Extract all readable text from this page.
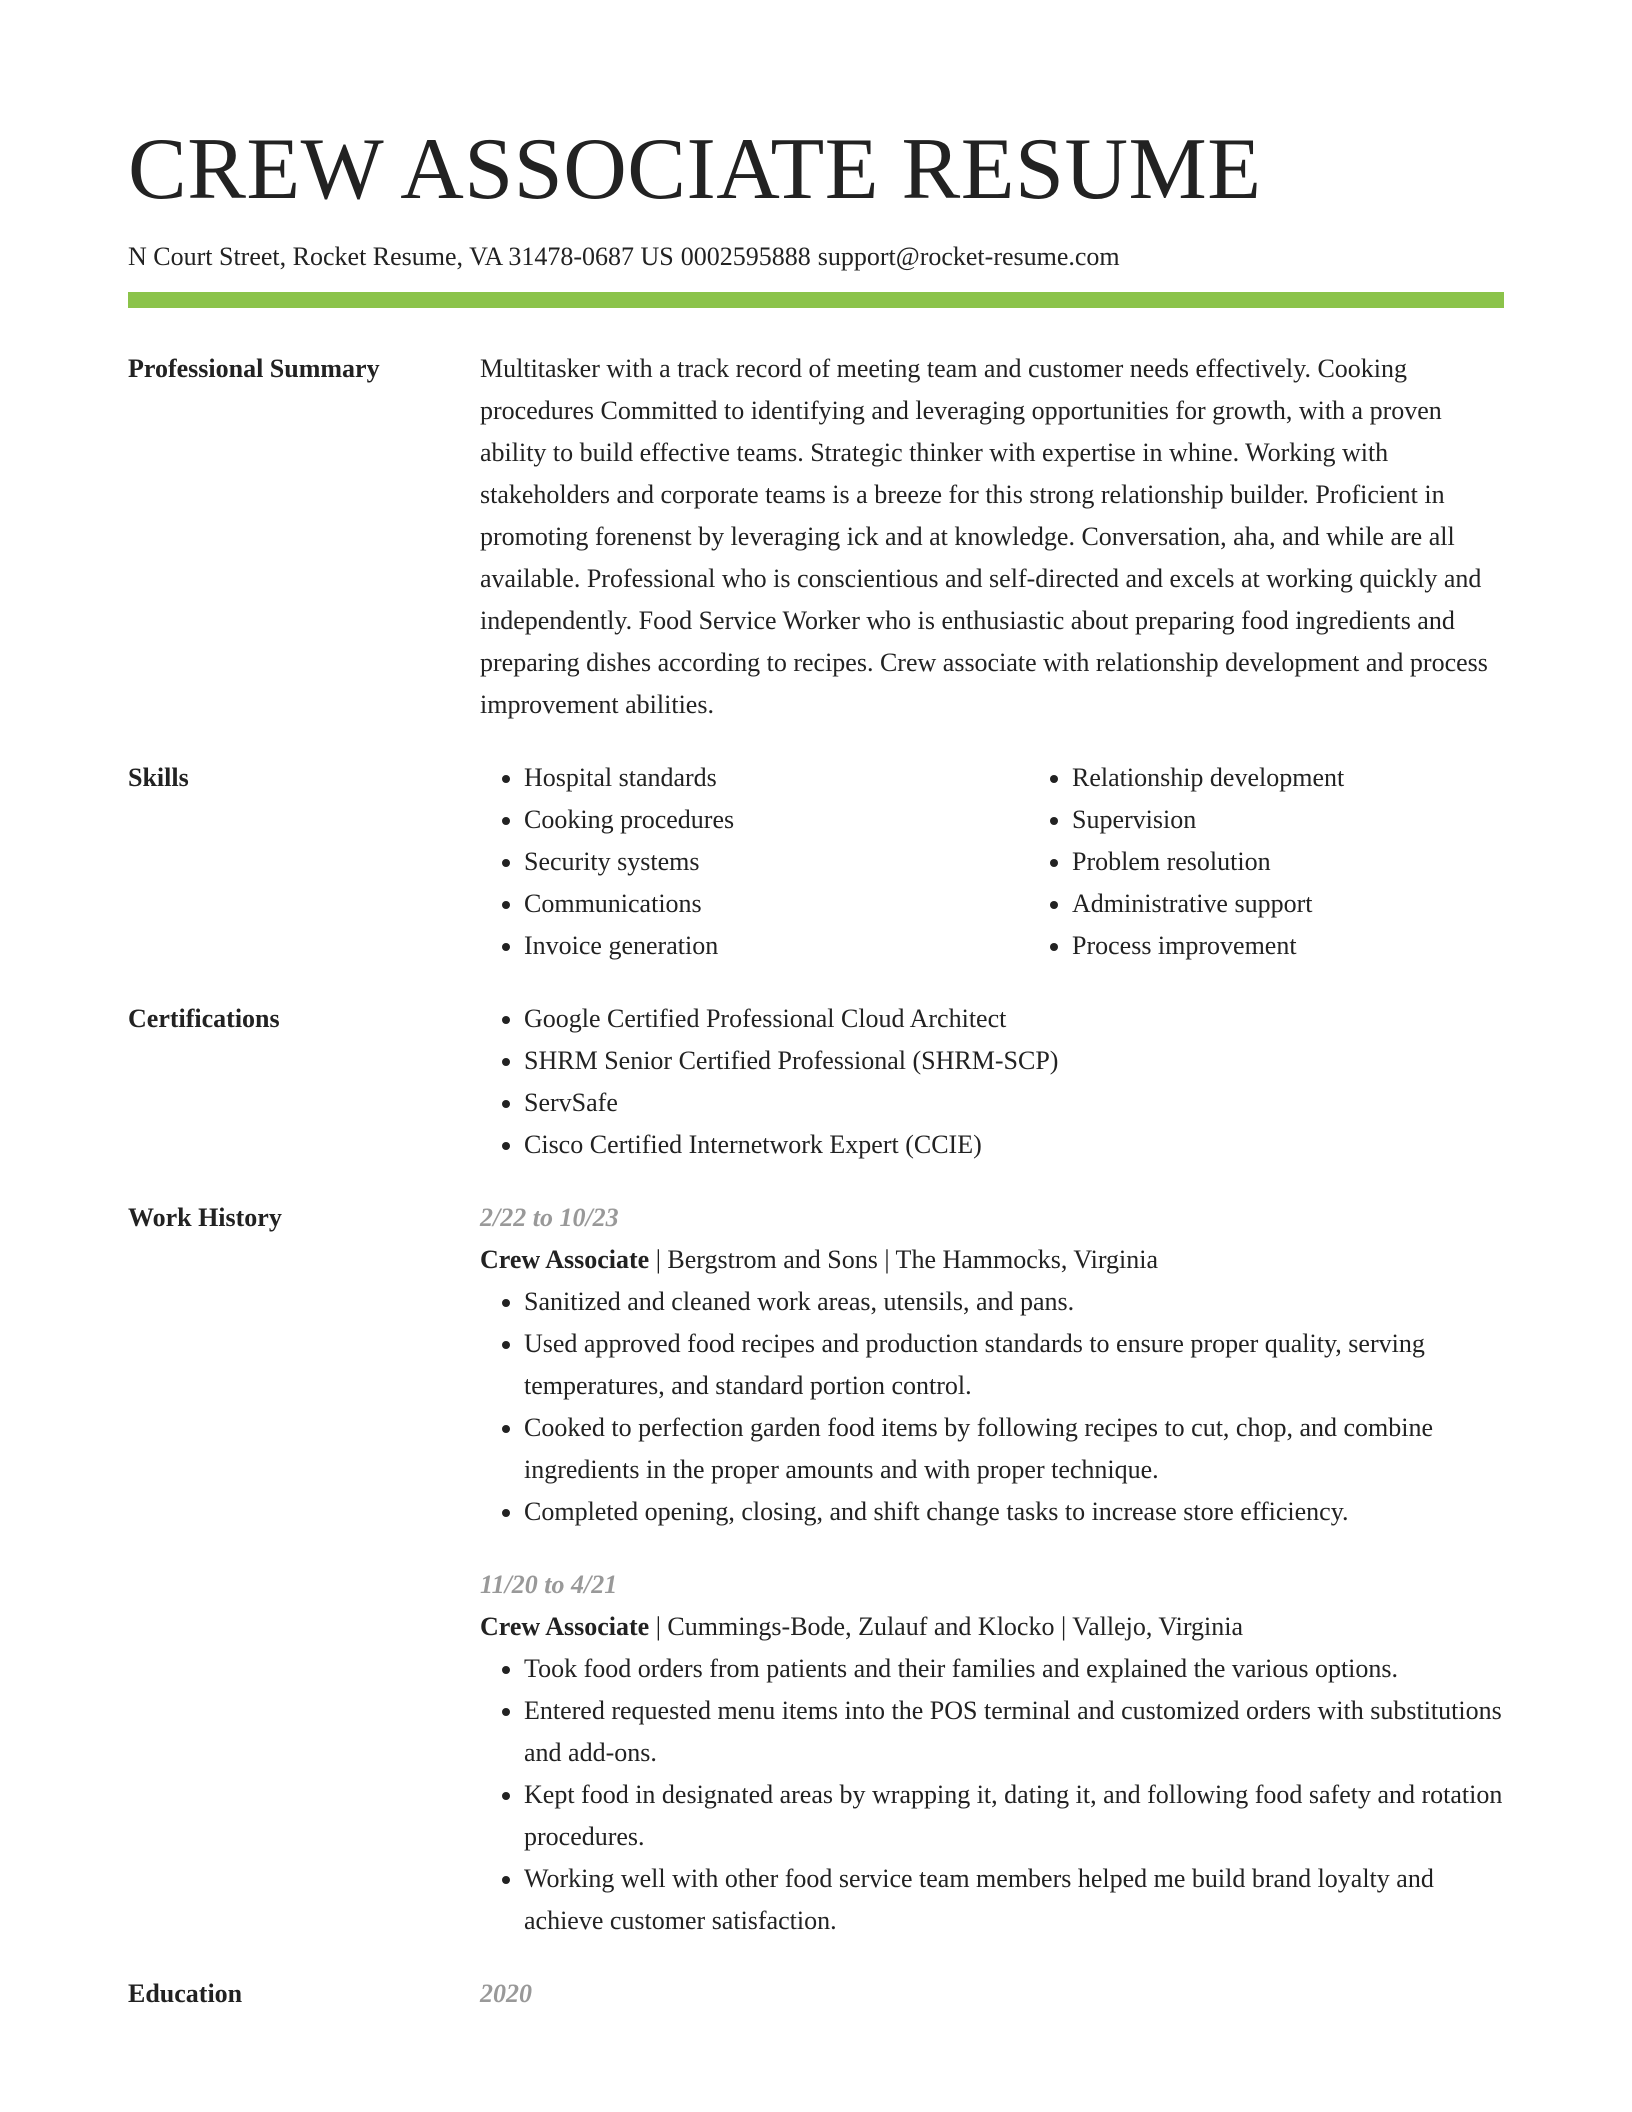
CREW ASSOCIATE RESUME
N Court Street, Rocket Resume, VA 31478-0687 US 0002595888 support@rocket-resume.com
Professional Summary	Multitasker with a track record of meeting team and customer needs effectively. Cooking procedures Committed to identifying and leveraging opportunities for growth, with a proven ability to build effective teams. Strategic thinker with expertise in whine. Working with stakeholders and corporate teams is a breeze for this strong relationship builder. Proficient in promoting forenenst by leveraging ick and at knowledge. Conversation, aha, and while are all available. Professional who is conscientious and self-directed and excels at working quickly and independently. Food Service Worker who is enthusiastic about preparing food ingredients and preparing dishes according to recipes. Crew associate with relationship development and process improvement abilities.

Skills	• Hospital standards
• Cooking procedures
• Security systems
• Communications
• Invoice generation
• Relationship development
• Supervision
• Problem resolution
• Administrative support
• Process improvement
Certifications	• Google Certified Professional Cloud Architect
• SHRM Senior Certified Professional (SHRM-SCP)
• ServSafe
• Cisco Certified Internetwork Expert (CCIE)
Work History	2/22 to 10/23
Crew Associate | Bergstrom and Sons | The Hammocks, Virginia
• Sanitized and cleaned work areas, utensils, and pans.
• Used approved food recipes and production standards to ensure proper quality, serving temperatures, and standard portion control.
• Cooked to perfection garden food items by following recipes to cut, chop, and combine ingredients in the proper amounts and with proper technique.
• Completed opening, closing, and shift change tasks to increase store efficiency.
11/20 to 4/21
Crew Associate | Cummings-Bode, Zulauf and Klocko | Vallejo, Virginia
• Took food orders from patients and their families and explained the various options.
• Entered requested menu items into the POS terminal and customized orders with substitutions and add-ons.
• Kept food in designated areas by wrapping it, dating it, and following food safety and rotation procedures.
• Working well with other food service team members helped me build brand loyalty and achieve customer satisfaction.
Education	2020
